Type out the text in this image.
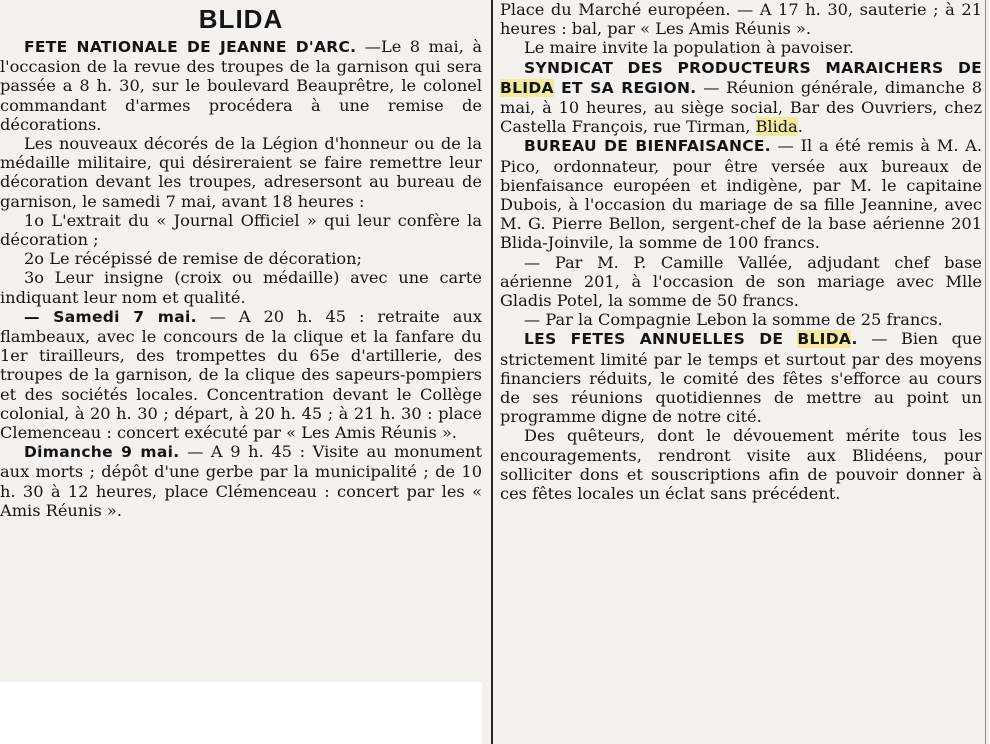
BLIDA

FETE NATIONALE DE JEANNE D'ARC. —Le 8 mai, à l'occasion de la revue des troupes de la garnison qui sera passée a 8 h. 30, sur le boulevard Beauprêtre, le colonel commandant d'armes procédera à une remise de décorations.

Les nouveaux décorés de la Légion d'honneur ou de la médaille militaire, qui désireraient se faire remettre leur décoration devant les troupes, adresersont au bureau de garnison, le samedi 7 mai, avant 18 heures :

1o L'extrait du « Journal Officiel » qui leur confère la décoration ;

2o Le récépissé de remise de décoration;

3o Leur insigne (croix ou médaille) avec une carte indiquant leur nom et qualité.

— Samedi 7 mai. — A 20 h. 45 : retraite aux flambeaux, avec le concours de la clique et la fanfare du 1er tirailleurs, des trompettes du 65e d'artillerie, des troupes de la garnison, de la clique des sapeurs-pompiers et des sociétés locales. Concentration devant le Collège colonial, à 20 h. 30 ; départ, à 20 h. 45 ; à 21 h. 30 : place Clemenceau : concert exécuté par « Les Amis Réunis ».

Dimanche 9 mai. — A 9 h. 45 : Visite au monument aux morts ; dépôt d'une gerbe par la municipalité ; de 10 h. 30 à 12 heures, place Clémenceau : concert par les « Amis Réunis ».

Place du Marché européen. — A 17 h. 30, sauterie ; à 21 heures : bal, par « Les Amis Réunis ».

Le maire invite la population à pavoiser.

SYNDICAT DES PRODUCTEURS MARAICHERS DE BLIDA ET SA REGION. — Réunion générale, dimanche 8 mai, à 10 heures, au siège social, Bar des Ouvriers, chez Castella François, rue Tirman, Blida.

BUREAU DE BIENFAISANCE. — Il a été remis à M. A. Pico, ordonnateur, pour être versée aux bureaux de bienfaisance européen et indigène, par M. le capitaine Dubois, à l'occasion du mariage de sa fille Jeannine, avec M. G. Pierre Bellon, sergent-chef de la base aérienne 201 Blida-Joinvile, la somme de 100 francs.

— Par M. P. Camille Vallée, adjudant chef base aérienne 201, à l'occasion de son mariage avec Mlle Gladis Potel, la somme de 50 francs.

— Par la Compagnie Lebon la somme de 25 francs.

LES FETES ANNUELLES DE BLIDA. — Bien que strictement limité par le temps et surtout par des moyens financiers réduits, le comité des fêtes s'efforce au cours de ses réunions quotidiennes de mettre au point un programme digne de notre cité.

Des quêteurs, dont le dévouement mérite tous les encouragements, rendront visite aux Blidéens, pour solliciter dons et souscriptions afin de pouvoir donner à ces fêtes locales un éclat sans précédent.
